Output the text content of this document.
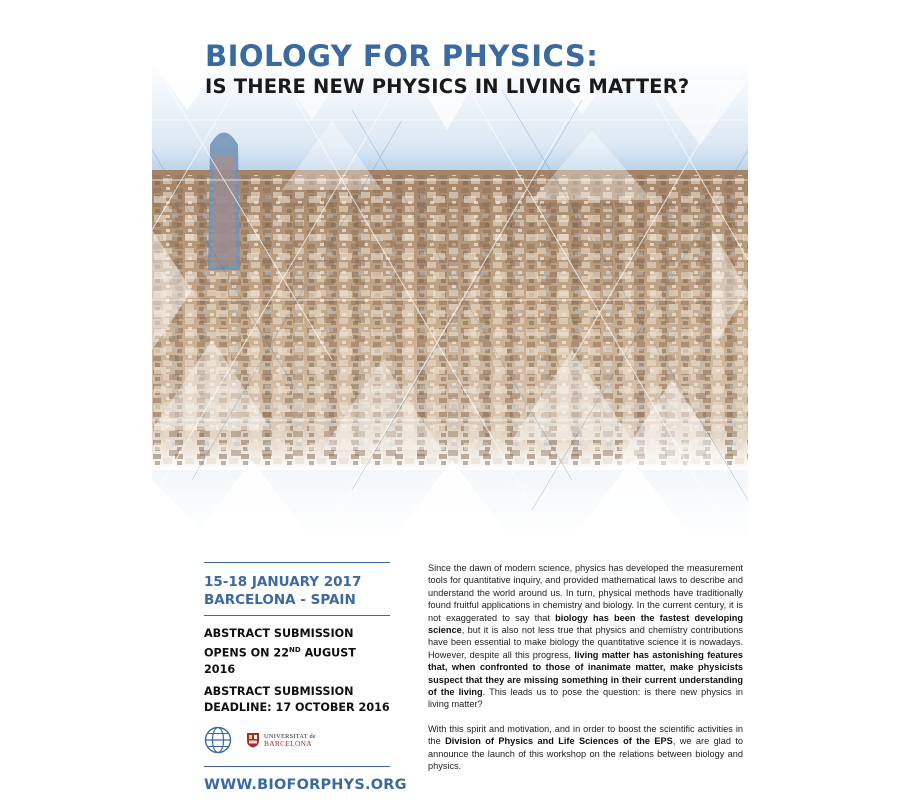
BIOLOGY FOR PHYSICS:
IS THERE NEW PHYSICS IN LIVING MATTER?
15-18 JANUARY 2017
BARCELONA - SPAIN
ABSTRACT SUBMISSION
OPENS ON 22ND AUGUST 2016
ABSTRACT SUBMISSION
DEADLINE: 17 OCTOBER 2016
UNIVERSITAT de
BARCELONA
WWW.BIOFORPHYS.ORG

Since the dawn of modern science, physics has developed the measurement tools for quantitative inquiry, and provided mathematical laws to describe and understand the world around us. In turn, physical methods have traditionally found fruitful applications in chemistry and biology. In the current century, it is not exaggerated to say that biology has been the fastest developing science, but it is also not less true that physics and chemistry contributions have been essential to make biology the quantitative science it is nowadays. However, despite all this progress, living matter has astonishing features that, when confronted to those of inanimate matter, make physicists suspect that they are missing something in their current understanding of the living. This leads us to pose the question: is there new physics in living matter?

With this spirit and motivation, and in order to boost the scientific activities in the Division of Physics and Life Sciences of the EPS, we are glad to announce the launch of this workshop on the relations between biology and physics.
